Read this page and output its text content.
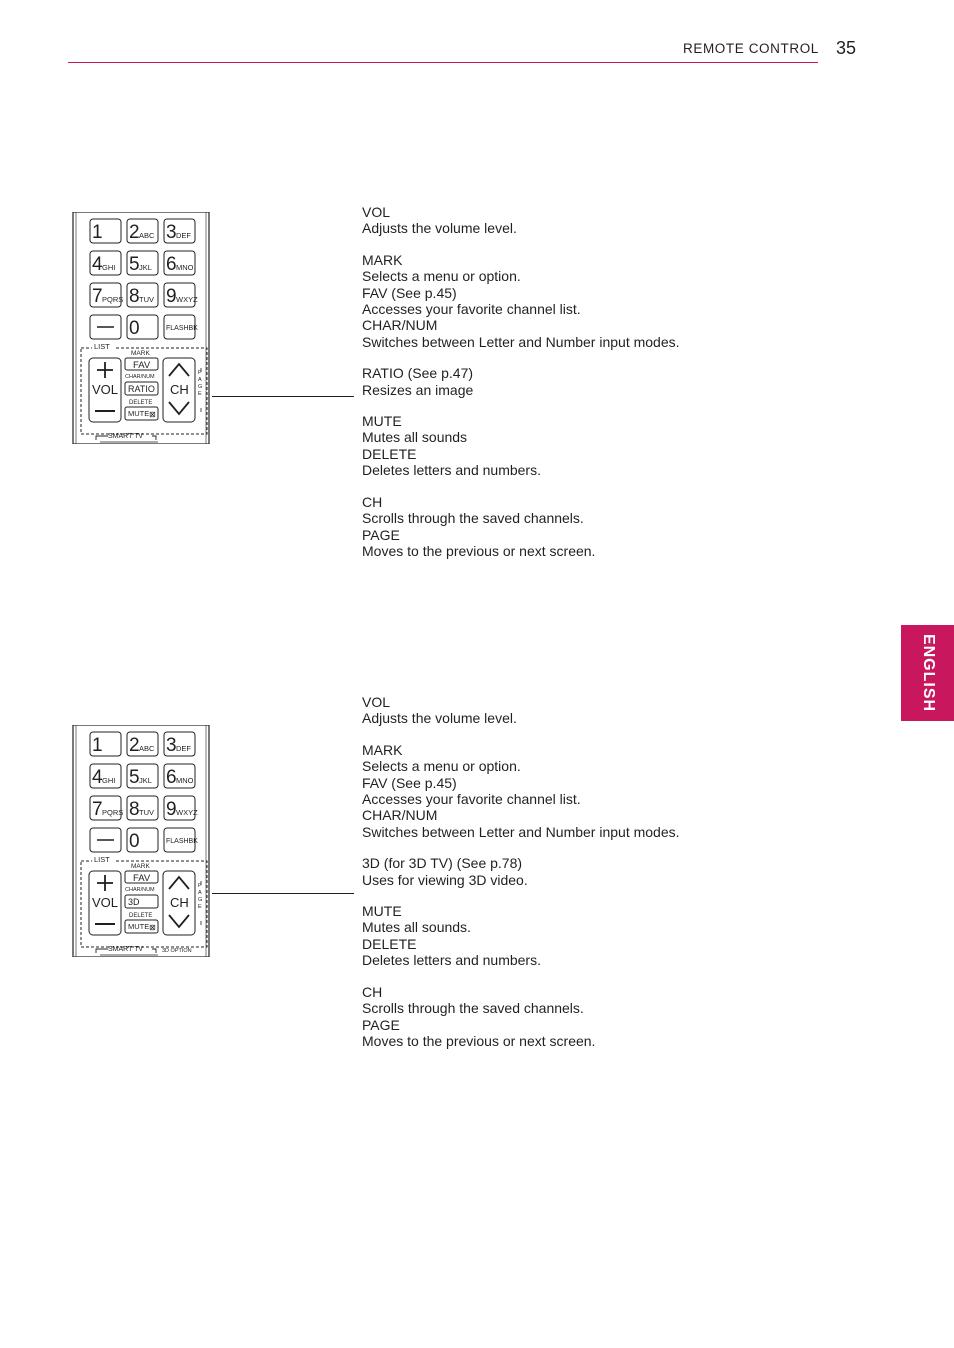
REMOTE CONTROL 35
ENGLISH
1 2 ABC 3 DEF
4 GHI 5 JKL 6 MNO
7 PQRS 8 TUV 9 WXYZ
0	FLASHBK
LIST
VOL
MARK
FAV
CHAR/NUM
RATIO
DELETE
MUTE ⊠
CH
P
A
G
E
SMART TV
1 2 ABC 3 DEF
4 GHI 5 JKL 6 MNO
7 PQRS 8 TUV 9 WXYZ
0	FLASHBK
LIST
VOL
MARK
FAV
CHAR/NUM
3D
DELETE
MUTE ⊠
CH
P
A
G
E
SMART TV	3D OPTION
VOL
Adjusts the volume level.
MARK
Selects a menu or option.
FAV (See p.45)
Accesses your favorite channel list.
CHAR/NUM
Switches between Letter and Number input modes.
RATIO (See p.47)
Resizes an image
MUTE
Mutes all sounds
DELETE
Deletes letters and numbers.
CH
Scrolls through the saved channels.
PAGE
Moves to the previous or next screen.
VOL
Adjusts the volume level.
MARK
Selects a menu or option.
FAV (See p.45)
Accesses your favorite channel list.
CHAR/NUM
Switches between Letter and Number input modes.
3D (for 3D TV) (See p.78)
Uses for viewing 3D video.
MUTE
Mutes all sounds.
DELETE
Deletes letters and numbers.
CH
Scrolls through the saved channels.
PAGE
Moves to the previous or next screen.
